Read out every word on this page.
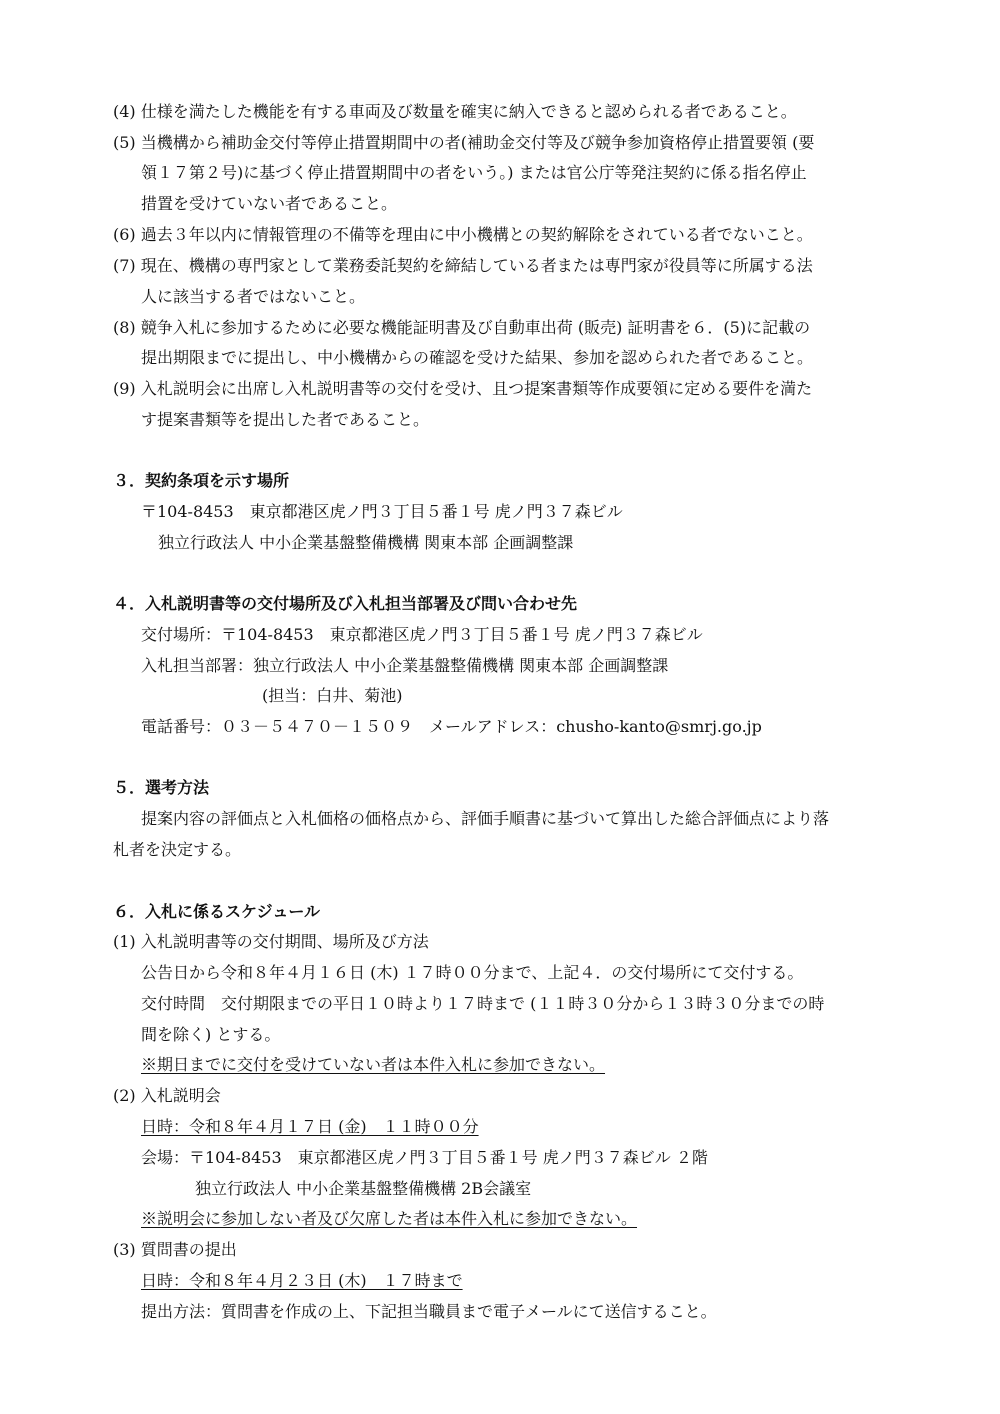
(4) 仕様を満たした機能を有する車両及び数量を確実に納入できると認められる者であること。
(5) 当機構から補助金交付等停止措置期間中の者(補助金交付等及び競争参加資格停止措置要領 (要
領１７第２号)に基づく停止措置期間中の者をいう。) または官公庁等発注契約に係る指名停止
措置を受けていない者であること。
(6) 過去３年以内に情報管理の不備等を理由に中小機構との契約解除をされている者でないこと。
(7) 現在、機構の専門家として業務委託契約を締結している者または専門家が役員等に所属する法
人に該当する者ではないこと。
(8) 競争入札に参加するために必要な機能証明書及び自動車出荷 (販売) 証明書を６．(5)に記載の
提出期限までに提出し、中小機構からの確認を受けた結果、参加を認められた者であること。
(9) 入札説明会に出席し入札説明書等の交付を受け、且つ提案書類等作成要領に定める要件を満た
す提案書類等を提出した者であること。
３．契約条項を示す場所
〒104-8453　東京都港区虎ノ門３丁目５番１号 虎ノ門３７森ビル
独立行政法人 中小企業基盤整備機構 関東本部 企画調整課
４．入札説明書等の交付場所及び入札担当部署及び問い合わせ先
交付場所：〒104-8453　東京都港区虎ノ門３丁目５番１号 虎ノ門３７森ビル
入札担当部署：独立行政法人 中小企業基盤整備機構 関東本部 企画調整課
(担当：白井、菊池)
電話番号：０３－５４７０－１５０９　メールアドレス：chusho-kanto@smrj.go.jp
５．選考方法
提案内容の評価点と入札価格の価格点から、評価手順書に基づいて算出した総合評価点により落
札者を決定する。
６．入札に係るスケジュール
(1) 入札説明書等の交付期間、場所及び方法
公告日から令和８年４月１６日 (木) １７時００分まで、上記４．の交付場所にて交付する。
交付時間　交付期限までの平日１０時より１７時まで (１１時３０分から１３時３０分までの時
間を除く) とする。
※期日までに交付を受けていない者は本件入札に参加できない。
(2) 入札説明会
日時：令和８年４月１７日 (金)　１１時００分
会場：〒104-8453　東京都港区虎ノ門３丁目５番１号 虎ノ門３７森ビル ２階
独立行政法人 中小企業基盤整備機構 2B会議室
※説明会に参加しない者及び欠席した者は本件入札に参加できない。
(3) 質問書の提出
日時：令和８年４月２３日 (木)　１７時まで
提出方法：質問書を作成の上、下記担当職員まで電子メールにて送信すること。
